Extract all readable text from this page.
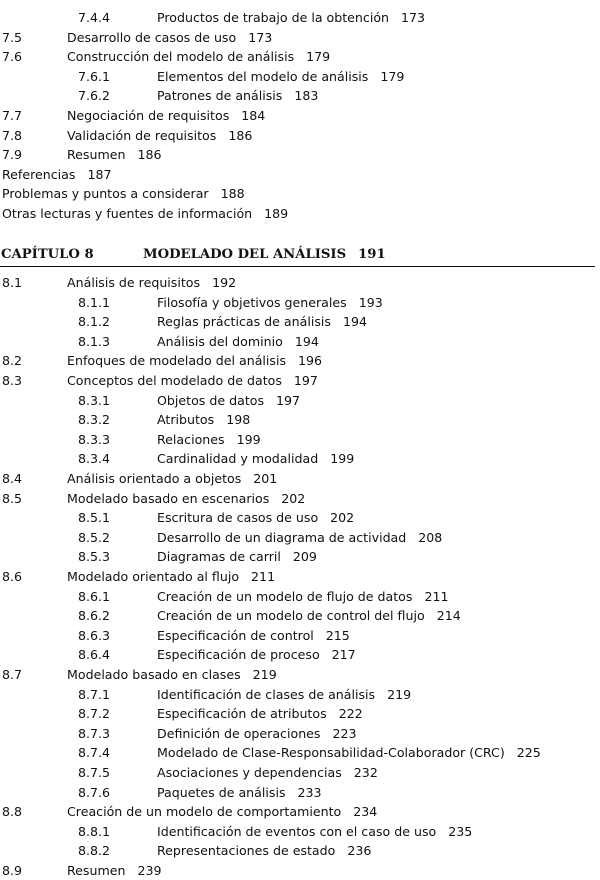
7.4.4	Productos de trabajo de la obtención 173
7.5	Desarrollo de casos de uso 173
7.6	Construcción del modelo de análisis 179
7.6.1	Elementos del modelo de análisis 179
7.6.2	Patrones de análisis 183
7.7	Negociación de requisitos 184
7.8	Validación de requisitos 186
7.9	Resumen 186
Referencias 187
Problemas y puntos a considerar 188
Otras lecturas y fuentes de información 189
CAPÍTULO 8	MODELADO DEL ANÁLISIS 191
8.1	Análisis de requisitos 192
8.1.1	Filosofía y objetivos generales 193
8.1.2	Reglas prácticas de análisis 194
8.1.3	Análisis del dominio 194
8.2	Enfoques de modelado del análisis 196
8.3	Conceptos del modelado de datos 197
8.3.1	Objetos de datos 197
8.3.2	Atributos 198
8.3.3	Relaciones 199
8.3.4	Cardinalidad y modalidad 199
8.4	Análisis orientado a objetos 201
8.5	Modelado basado en escenarios 202
8.5.1	Escritura de casos de uso 202
8.5.2	Desarrollo de un diagrama de actividad 208
8.5.3	Diagramas de carril 209
8.6	Modelado orientado al flujo 211
8.6.1	Creación de un modelo de flujo de datos 211
8.6.2	Creación de un modelo de control del flujo 214
8.6.3	Especificación de control 215
8.6.4	Especificación de proceso 217
8.7	Modelado basado en clases 219
8.7.1	Identificación de clases de análisis 219
8.7.2	Especificación de atributos 222
8.7.3	Definición de operaciones 223
8.7.4	Modelado de Clase-Responsabilidad-Colaborador (CRC) 225
8.7.5	Asociaciones y dependencias 232
8.7.6	Paquetes de análisis 233
8.8	Creación de un modelo de comportamiento 234
8.8.1	Identificación de eventos con el caso de uso 235
8.8.2	Representaciones de estado 236
8.9	Resumen 239
